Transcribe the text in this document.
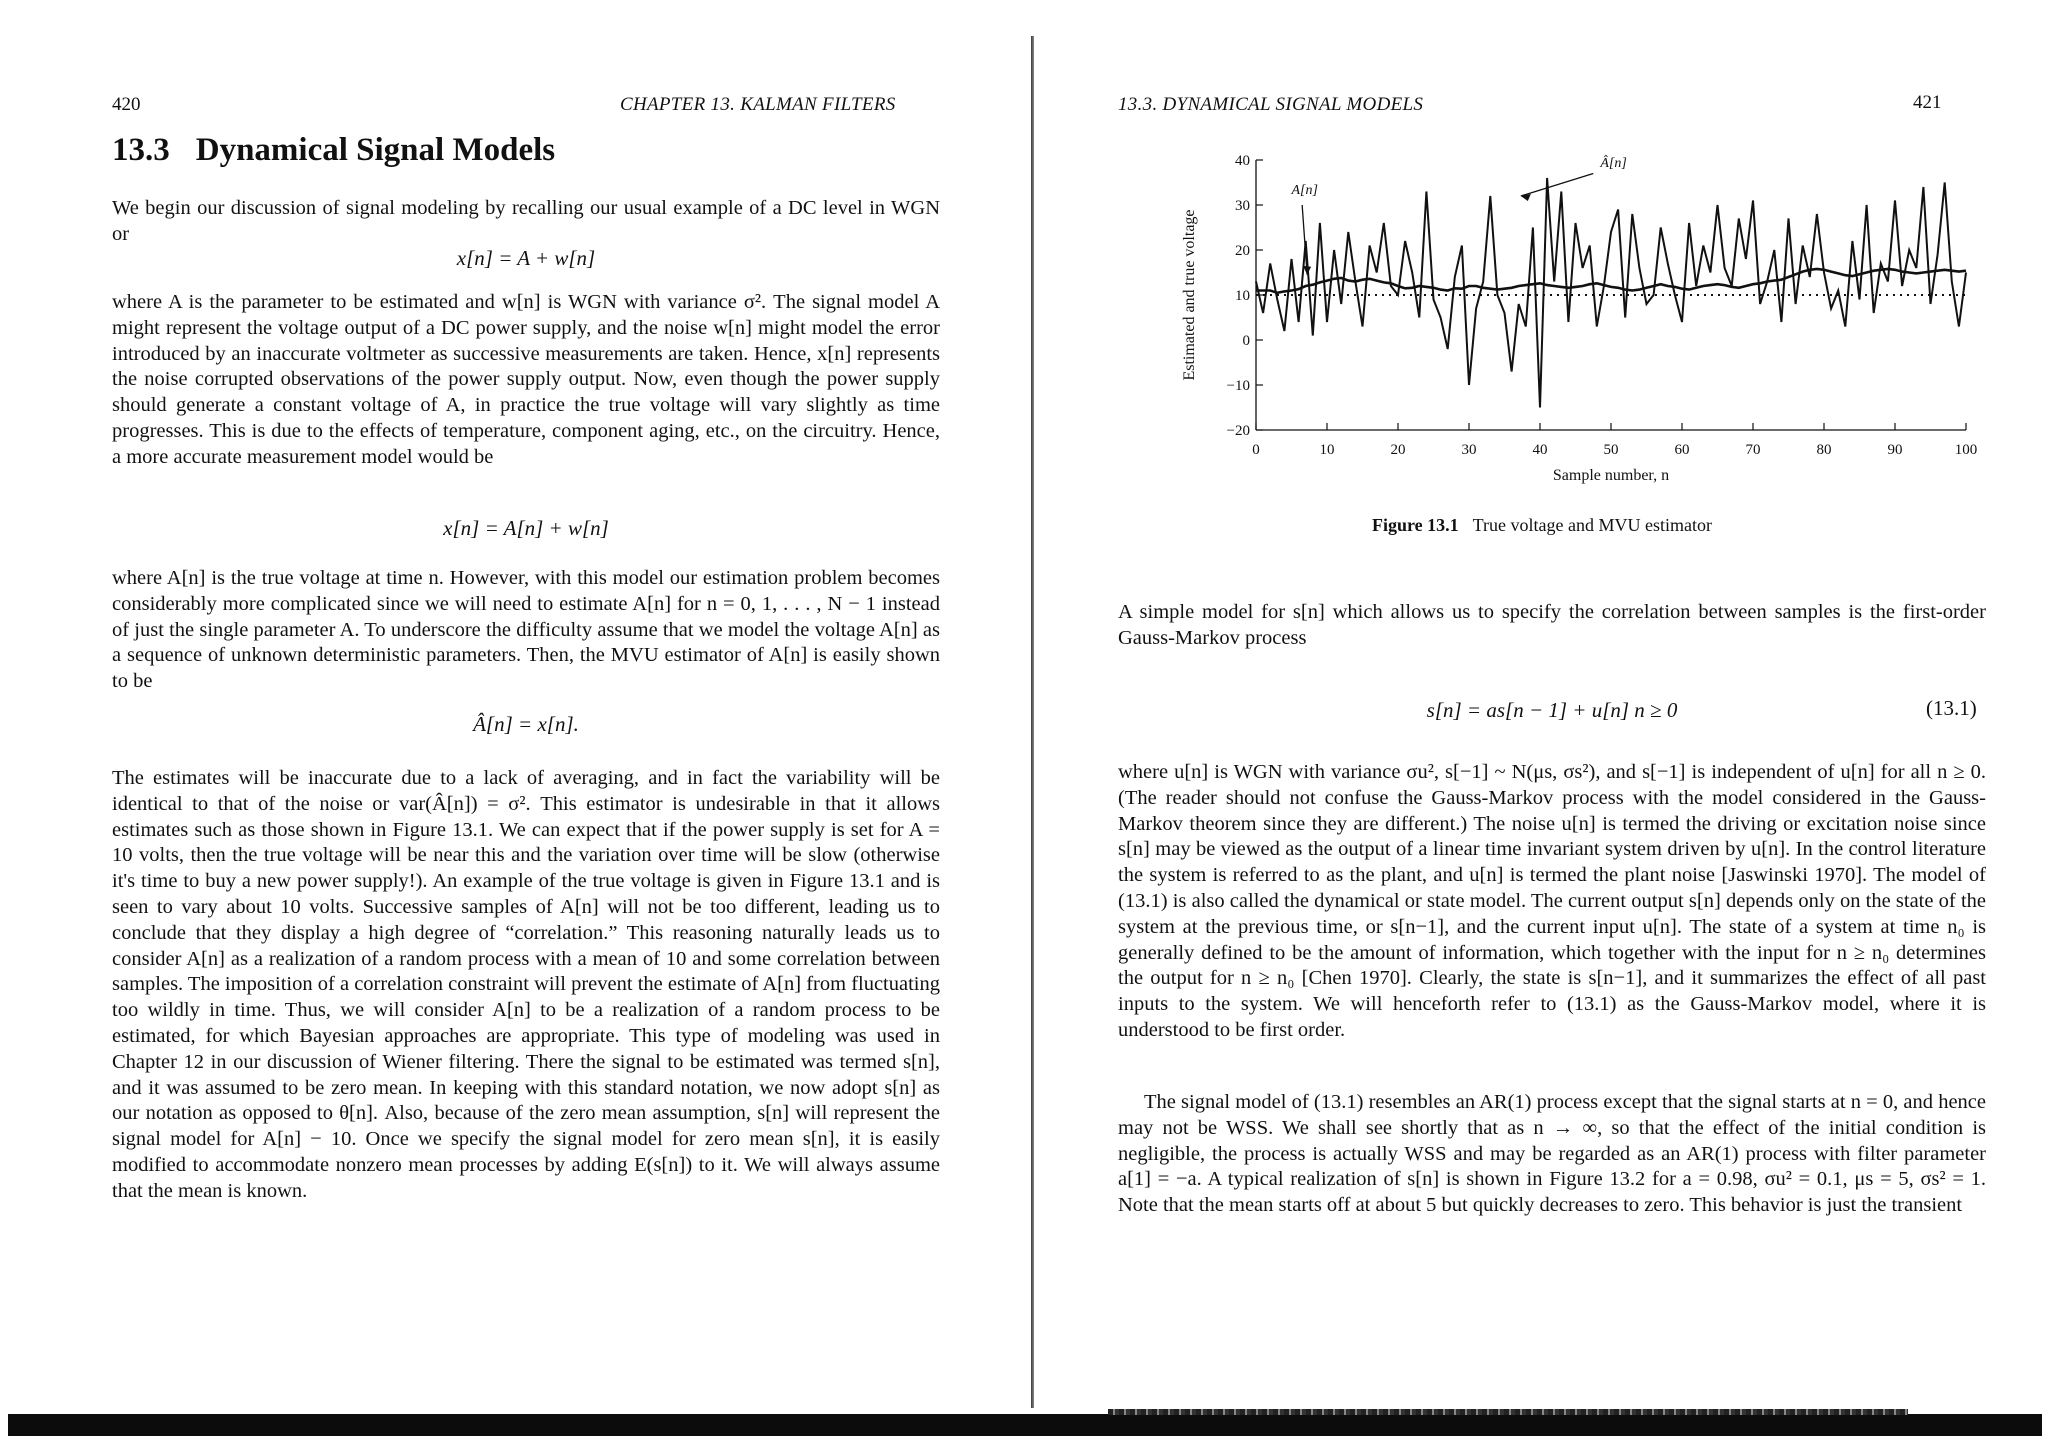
420	CHAPTER 13. KALMAN FILTERS
13.3 Dynamical Signal Models

We begin our discussion of signal modeling by recalling our usual example of a DC level in WGN or

x[n] = A + w[n]

where A is the parameter to be estimated and w[n] is WGN with variance σ². The signal model A might represent the voltage output of a DC power supply, and the noise w[n] might model the error introduced by an inaccurate voltmeter as successive measurements are taken. Hence, x[n] represents the noise corrupted observations of the power supply output. Now, even though the power supply should generate a constant voltage of A, in practice the true voltage will vary slightly as time progresses. This is due to the effects of temperature, component aging, etc., on the circuitry. Hence, a more accurate measurement model would be

x[n] = A[n] + w[n]

where A[n] is the true voltage at time n. However, with this model our estimation problem becomes considerably more complicated since we will need to estimate A[n] for n = 0, 1, . . . , N − 1 instead of just the single parameter A. To underscore the difficulty assume that we model the voltage A[n] as a sequence of unknown deterministic parameters. Then, the MVU estimator of A[n] is easily shown to be

Â[n] = x[n].

The estimates will be inaccurate due to a lack of averaging, and in fact the variability will be identical to that of the noise or var(Â[n]) = σ². This estimator is undesirable in that it allows estimates such as those shown in Figure 13.1. We can expect that if the power supply is set for A = 10 volts, then the true voltage will be near this and the variation over time will be slow (otherwise it's time to buy a new power supply!). An example of the true voltage is given in Figure 13.1 and is seen to vary about 10 volts. Successive samples of A[n] will not be too different, leading us to conclude that they display a high degree of “correlation.” This reasoning naturally leads us to consider A[n] as a realization of a random process with a mean of 10 and some correlation between samples. The imposition of a correlation constraint will prevent the estimate of A[n] from fluctuating too wildly in time. Thus, we will consider A[n] to be a realization of a random process to be estimated, for which Bayesian approaches are appropriate. This type of modeling was used in Chapter 12 in our discussion of Wiener filtering. There the signal to be estimated was termed s[n], and it was assumed to be zero mean. In keeping with this standard notation, we now adopt s[n] as our notation as opposed to θ[n]. Also, because of the zero mean assumption, s[n] will represent the signal model for A[n] − 10. Once we specify the signal model for zero mean s[n], it is easily modified to accommodate nonzero mean processes by adding E(s[n]) to it. We will always assume that the mean is known.

13.3. DYNAMICAL SIGNAL MODELS	421
0	10	20	30	40	50	60	70	80	90	100
40
30
20
10
0
−10
−20
Sample number, n
Estimated and true voltage
A[n]
Â[n]
Figure 13.1 True voltage and MVU estimator

A simple model for s[n] which allows us to specify the correlation between samples is the first-order Gauss-Markov process

s[n] = as[n − 1] + u[n] n ≥ 0	(13.1)

where u[n] is WGN with variance σu², s[−1] ~ N(μs, σs²), and s[−1] is independent of u[n] for all n ≥ 0. (The reader should not confuse the Gauss-Markov process with the model considered in the Gauss-Markov theorem since they are different.) The noise u[n] is termed the driving or excitation noise since s[n] may be viewed as the output of a linear time invariant system driven by u[n]. In the control literature the system is referred to as the plant, and u[n] is termed the plant noise [Jaswinski 1970]. The model of (13.1) is also called the dynamical or state model. The current output s[n] depends only on the state of the system at the previous time, or s[n−1], and the current input u[n]. The state of a system at time n₀ is generally defined to be the amount of information, which together with the input for n ≥ n₀ determines the output for n ≥ n₀ [Chen 1970]. Clearly, the state is s[n−1], and it summarizes the effect of all past inputs to the system. We will henceforth refer to (13.1) as the Gauss-Markov model, where it is understood to be first order.

The signal model of (13.1) resembles an AR(1) process except that the signal starts at n = 0, and hence may not be WSS. We shall see shortly that as n → ∞, so that the effect of the initial condition is negligible, the process is actually WSS and may be regarded as an AR(1) process with filter parameter a[1] = −a. A typical realization of s[n] is shown in Figure 13.2 for a = 0.98, σu² = 0.1, μs = 5, σs² = 1. Note that the mean starts off at about 5 but quickly decreases to zero. This behavior is just the transient
